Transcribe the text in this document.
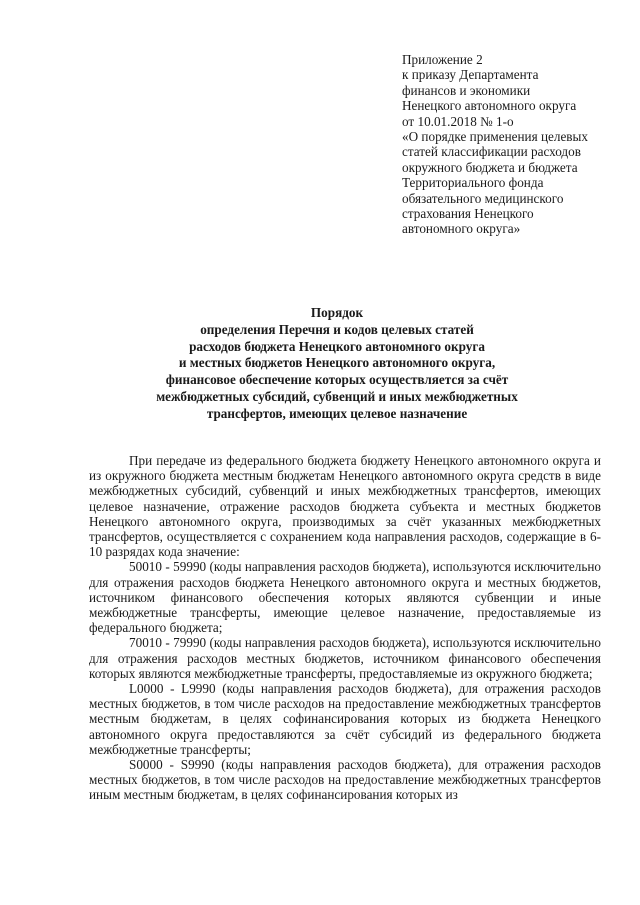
Приложение 2
к приказу Департамента
финансов и экономики
Ненецкого автономного округа
от 10.01.2018 № 1-о
«О порядке применения целевых
статей классификации расходов
окружного бюджета и бюджета
Территориального фонда
обязательного медицинского
страхования Ненецкого
автономного округа»
Порядок
определения Перечня и кодов целевых статей
расходов бюджета Ненецкого автономного округа
и местных бюджетов Ненецкого автономного округа,
финансовое обеспечение которых осуществляется за счёт
межбюджетных субсидий, субвенций и иных межбюджетных
трансфертов, имеющих целевое назначение

При передаче из федерального бюджета бюджету Ненецкого автономного округа и из окружного бюджета местным бюджетам Ненецкого автономного округа средств в виде межбюджетных субсидий, субвенций и иных межбюджетных трансфертов, имеющих целевое назначение, отражение расходов бюджета субъекта и местных бюджетов Ненецкого автономного округа, производимых за счёт указанных межбюджетных трансфертов, осуществляется с сохранением кода направления расходов, содержащие в 6-10 разрядах кода значение:

50010 - 59990 (коды направления расходов бюджета), используются исключительно для отражения расходов бюджета Ненецкого автономного округа и местных бюджетов, источником финансового обеспечения которых являются субвенции и иные межбюджетные трансферты, имеющие целевое назначение, предоставляемые из федерального бюджета;

70010 - 79990 (коды направления расходов бюджета), используются исключительно для отражения расходов местных бюджетов, источником финансового обеспечения которых являются межбюджетные трансферты, предоставляемые из окружного бюджета;

L0000 - L9990 (коды направления расходов бюджета), для отражения расходов местных бюджетов, в том числе расходов на предоставление межбюджетных трансфертов местным бюджетам, в целях софинансирования которых из бюджета Ненецкого автономного округа предоставляются за счёт субсидий из федерального бюджета межбюджетные трансферты;

S0000 - S9990 (коды направления расходов бюджета), для отражения расходов местных бюджетов, в том числе расходов на предоставление межбюджетных трансфертов иным местным бюджетам, в целях софинансирования которых из
